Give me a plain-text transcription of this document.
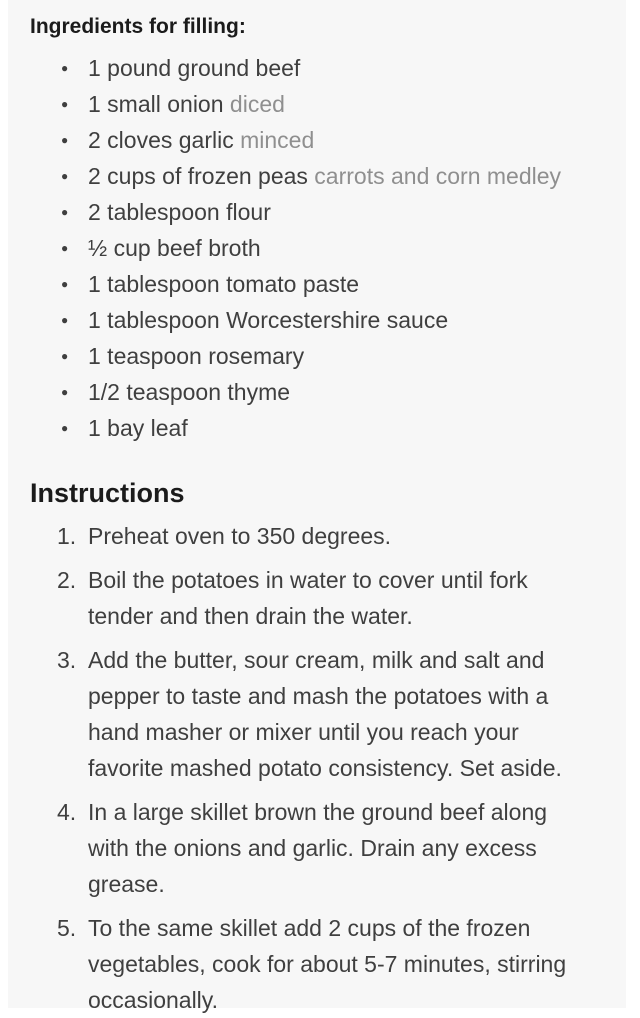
Ingredients for filling:
● 1 pound ground beef
● 1 small onion diced
● 2 cloves garlic minced
● 2 cups of frozen peas carrots and corn medley
● 2 tablespoon flour
● ½ cup beef broth
● 1 tablespoon tomato paste
● 1 tablespoon Worcestershire sauce
● 1 teaspoon rosemary
● 1/2 teaspoon thyme
● 1 bay leaf
Instructions
Preheat oven to 350 degrees.
Boil the potatoes in water to cover until fork tender and then drain the water.
Add the butter, sour cream, milk and salt and pepper to taste and mash the potatoes with a hand masher or mixer until you reach your favorite mashed potato consistency. Set aside.
In a large skillet brown the ground beef along with the onions and garlic. Drain any excess grease.
To the same skillet add 2 cups of the frozen vegetables, cook for about 5-7 minutes, stirring occasionally.
